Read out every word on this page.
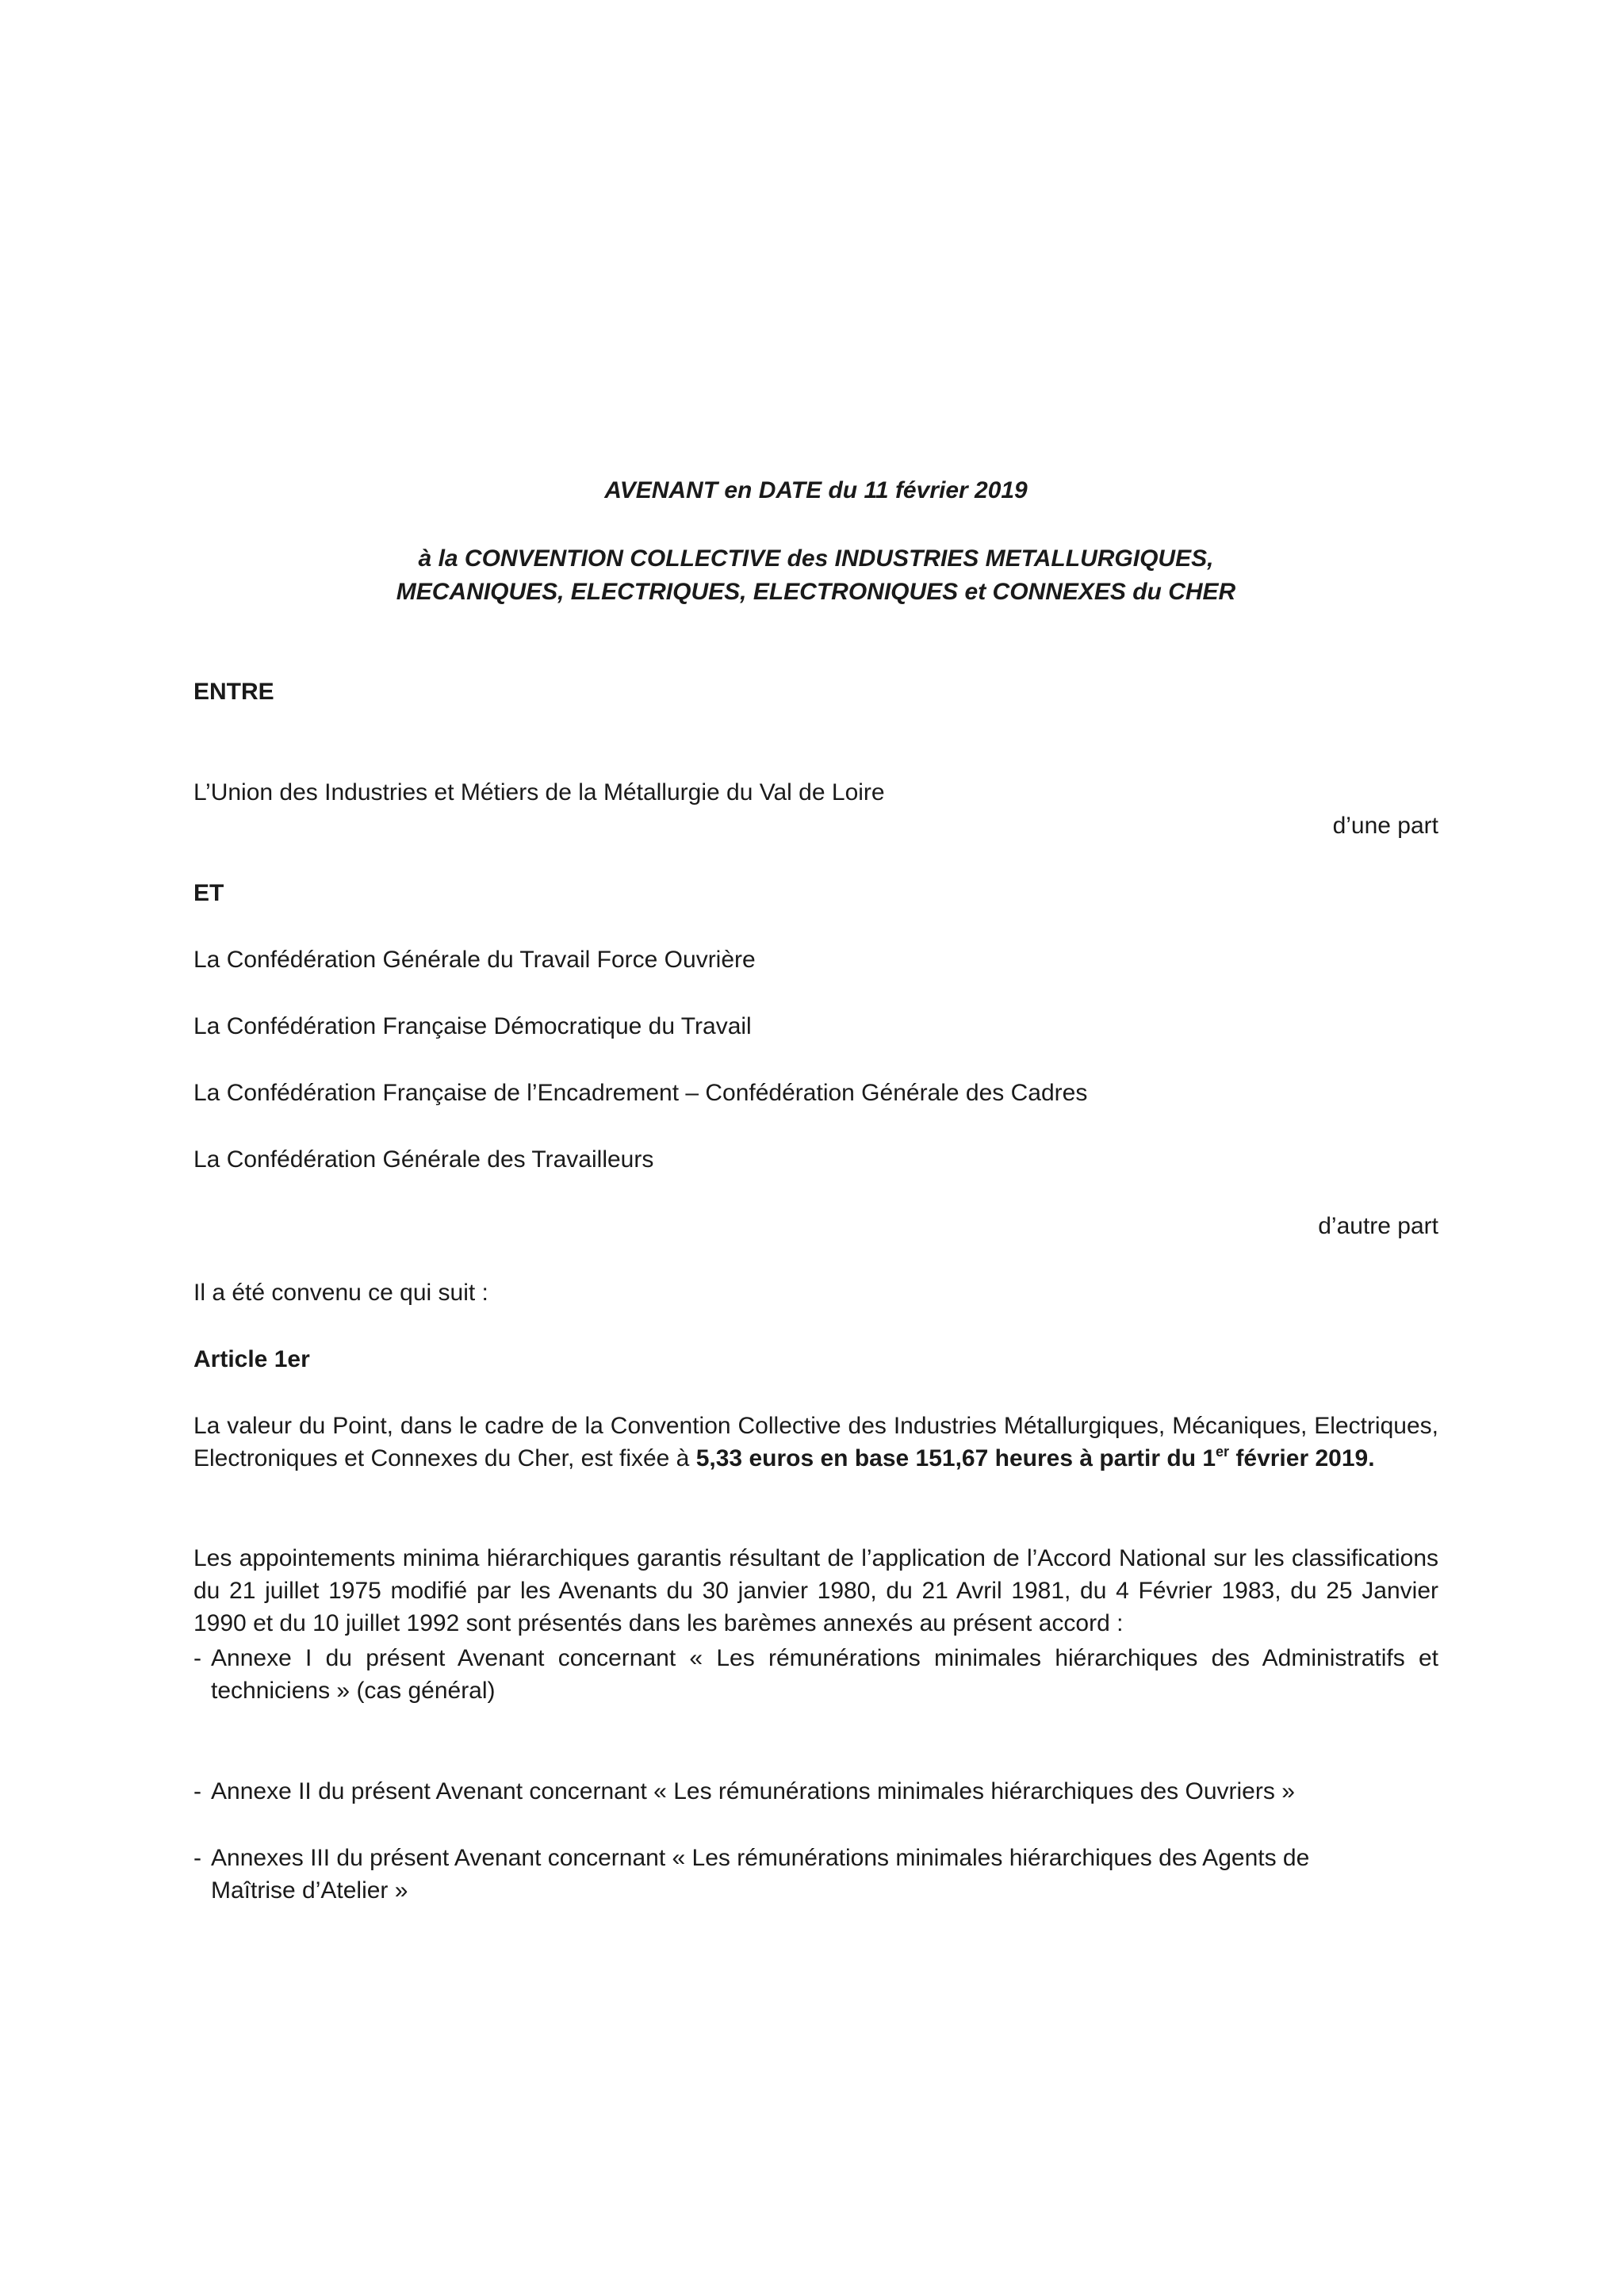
AVENANT en DATE du 11 février 2019
à la CONVENTION COLLECTIVE des INDUSTRIES METALLURGIQUES,
MECANIQUES, ELECTRIQUES, ELECTRONIQUES et CONNEXES du CHER
ENTRE
L’Union des Industries et Métiers de la Métallurgie du Val de Loire
d’une part
ET
La Confédération Générale du Travail Force Ouvrière
La Confédération Française Démocratique du Travail
La Confédération Française de l’Encadrement – Confédération Générale des Cadres
La Confédération Générale des Travailleurs
d’autre part
Il a été convenu ce qui suit :
Article 1er
La valeur du Point, dans le cadre de la Convention Collective des Industries Métallurgiques, Mécaniques, Electriques, Electroniques et Connexes du Cher, est fixée à 5,33 euros en base 151,67 heures à partir du 1er février 2019.
Les appointements minima hiérarchiques garantis résultant de l’application de l’Accord National sur les classifications du 21 juillet 1975 modifié par les Avenants du 30 janvier 1980, du 21 Avril 1981, du 4 Février 1983, du 25 Janvier 1990 et du 10 juillet 1992 sont présentés dans les barèmes annexés au présent accord :
- Annexe I du présent Avenant concernant « Les rémunérations minimales hiérarchiques des Administratifs et techniciens » (cas général)
- Annexe II du présent Avenant concernant « Les rémunérations minimales hiérarchiques des Ouvriers »
- Annexes III du présent Avenant concernant « Les rémunérations minimales hiérarchiques des Agents de Maîtrise d’Atelier »
